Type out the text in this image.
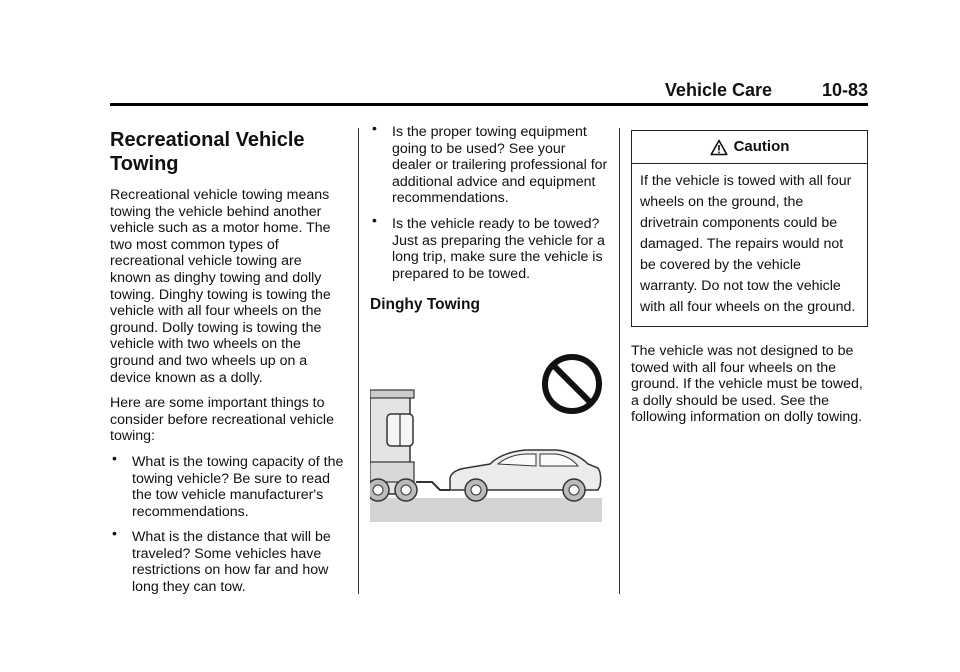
Vehicle Care	10-83
Recreational Vehicle Towing

Recreational vehicle towing means towing the vehicle behind another vehicle such as a motor home. The two most common types of recreational vehicle towing are known as dinghy towing and dolly towing. Dinghy towing is towing the vehicle with all four wheels on the ground. Dolly towing is towing the vehicle with two wheels on the ground and two wheels up on a device known as a dolly.

Here are some important things to consider before recreational vehicle towing:

• What is the towing capacity of the towing vehicle? Be sure to read the tow vehicle manufacturer's recommendations.
• What is the distance that will be traveled? Some vehicles have restrictions on how far and how long they can tow.
• Is the proper towing equipment going to be used? See your dealer or trailering professional for additional advice and equipment recommendations.
• Is the vehicle ready to be towed? Just as preparing the vehicle for a long trip, make sure the vehicle is prepared to be towed.
Dinghy Towing
Caution
If the vehicle is towed with all four wheels on the ground, the drivetrain components could be damaged. The repairs would not be covered by the vehicle warranty. Do not tow the vehicle with all four wheels on the ground.

The vehicle was not designed to be towed with all four wheels on the ground. If the vehicle must be towed, a dolly should be used. See the following information on dolly towing.
